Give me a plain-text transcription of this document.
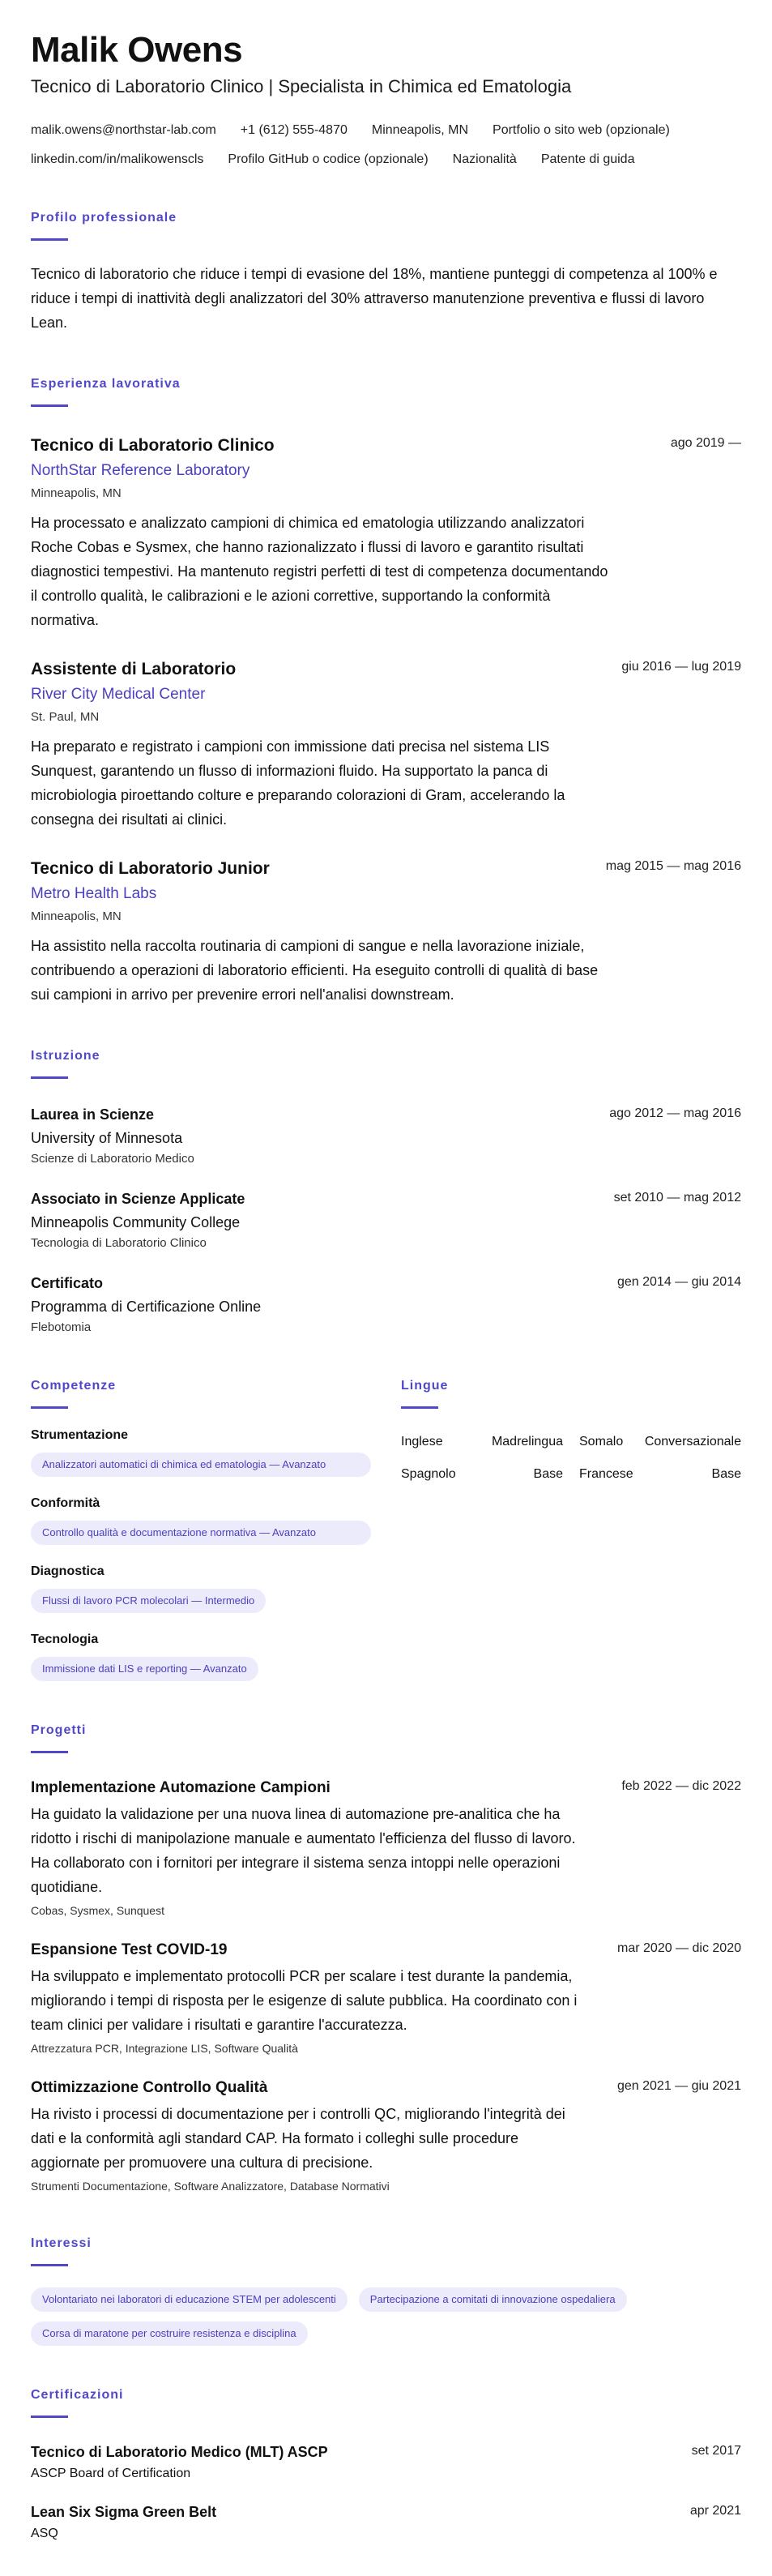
Malik Owens
Tecnico di Laboratorio Clinico | Specialista in Chimica ed Ematologia
malik.owens@northstar-lab.com +1 (612) 555-4870 Minneapolis, MN Portfolio o sito web (opzionale)
linkedin.com/in/malikowenscls Profilo GitHub o codice (opzionale) Nazionalità Patente di guida
Profilo professionale

Tecnico di laboratorio che riduce i tempi di evasione del 18%, mantiene punteggi di competenza al 100% e riduce i tempi di inattività degli analizzatori del 30% attraverso manutenzione preventiva e flussi di lavoro Lean.

Esperienza lavorativa
Tecnico di Laboratorio Clinico	ago 2019 —
NorthStar Reference Laboratory
Minneapolis, MN
Ha processato e analizzato campioni di chimica ed ematologia utilizzando analizzatori Roche Cobas e Sysmex, che hanno razionalizzato i flussi di lavoro e garantito risultati diagnostici tempestivi. Ha mantenuto registri perfetti di test di competenza documentando il controllo qualità, le calibrazioni e le azioni correttive, supportando la conformità normativa.
Assistente di Laboratorio	giu 2016 — lug 2019
River City Medical Center
St. Paul, MN
Ha preparato e registrato i campioni con immissione dati precisa nel sistema LIS Sunquest, garantendo un flusso di informazioni fluido. Ha supportato la panca di microbiologia piroettando colture e preparando colorazioni di Gram, accelerando la consegna dei risultati ai clinici.
Tecnico di Laboratorio Junior	mag 2015 — mag 2016
Metro Health Labs
Minneapolis, MN
Ha assistito nella raccolta routinaria di campioni di sangue e nella lavorazione iniziale, contribuendo a operazioni di laboratorio efficienti. Ha eseguito controlli di qualità di base sui campioni in arrivo per prevenire errori nell'analisi downstream.
Istruzione
Laurea in Scienze	ago 2012 — mag 2016
University of Minnesota
Scienze di Laboratorio Medico
Associato in Scienze Applicate	set 2010 — mag 2012
Minneapolis Community College
Tecnologia di Laboratorio Clinico
Certificato	gen 2014 — giu 2014
Programma di Certificazione Online
Flebotomia
Competenze
Strumentazione
Analizzatori automatici di chimica ed ematologia — Avanzato
Conformità
Controllo qualità e documentazione normativa — Avanzato
Diagnostica
Flussi di lavoro PCR molecolari — Intermedio
Tecnologia
Immissione dati LIS e reporting — Avanzato
Lingue
Inglese	Madrelingua Somalo Conversazionale
Spagnolo	Base Francese	Base
Progetti
Implementazione Automazione Campioni	feb 2022 — dic 2022
Ha guidato la validazione per una nuova linea di automazione pre-analitica che ha ridotto i rischi di manipolazione manuale e aumentato l'efficienza del flusso di lavoro. Ha collaborato con i fornitori per integrare il sistema senza intoppi nelle operazioni quotidiane.
Cobas, Sysmex, Sunquest
Espansione Test COVID-19	mar 2020 — dic 2020
Ha sviluppato e implementato protocolli PCR per scalare i test durante la pandemia, migliorando i tempi di risposta per le esigenze di salute pubblica. Ha coordinato con i team clinici per validare i risultati e garantire l'accuratezza.
Attrezzatura PCR, Integrazione LIS, Software Qualità
Ottimizzazione Controllo Qualità	gen 2021 — giu 2021
Ha rivisto i processi di documentazione per i controlli QC, migliorando l'integrità dei dati e la conformità agli standard CAP. Ha formato i colleghi sulle procedure aggiornate per promuovere una cultura di precisione.
Strumenti Documentazione, Software Analizzatore, Database Normativi
Interessi
Volontariato nei laboratori di educazione STEM per adolescenti	Partecipazione a comitati di innovazione ospedaliera
Corsa di maratone per costruire resistenza e disciplina
Certificazioni
Tecnico di Laboratorio Medico (MLT) ASCP	set 2017
ASCP Board of Certification
Lean Six Sigma Green Belt	apr 2021
ASQ
